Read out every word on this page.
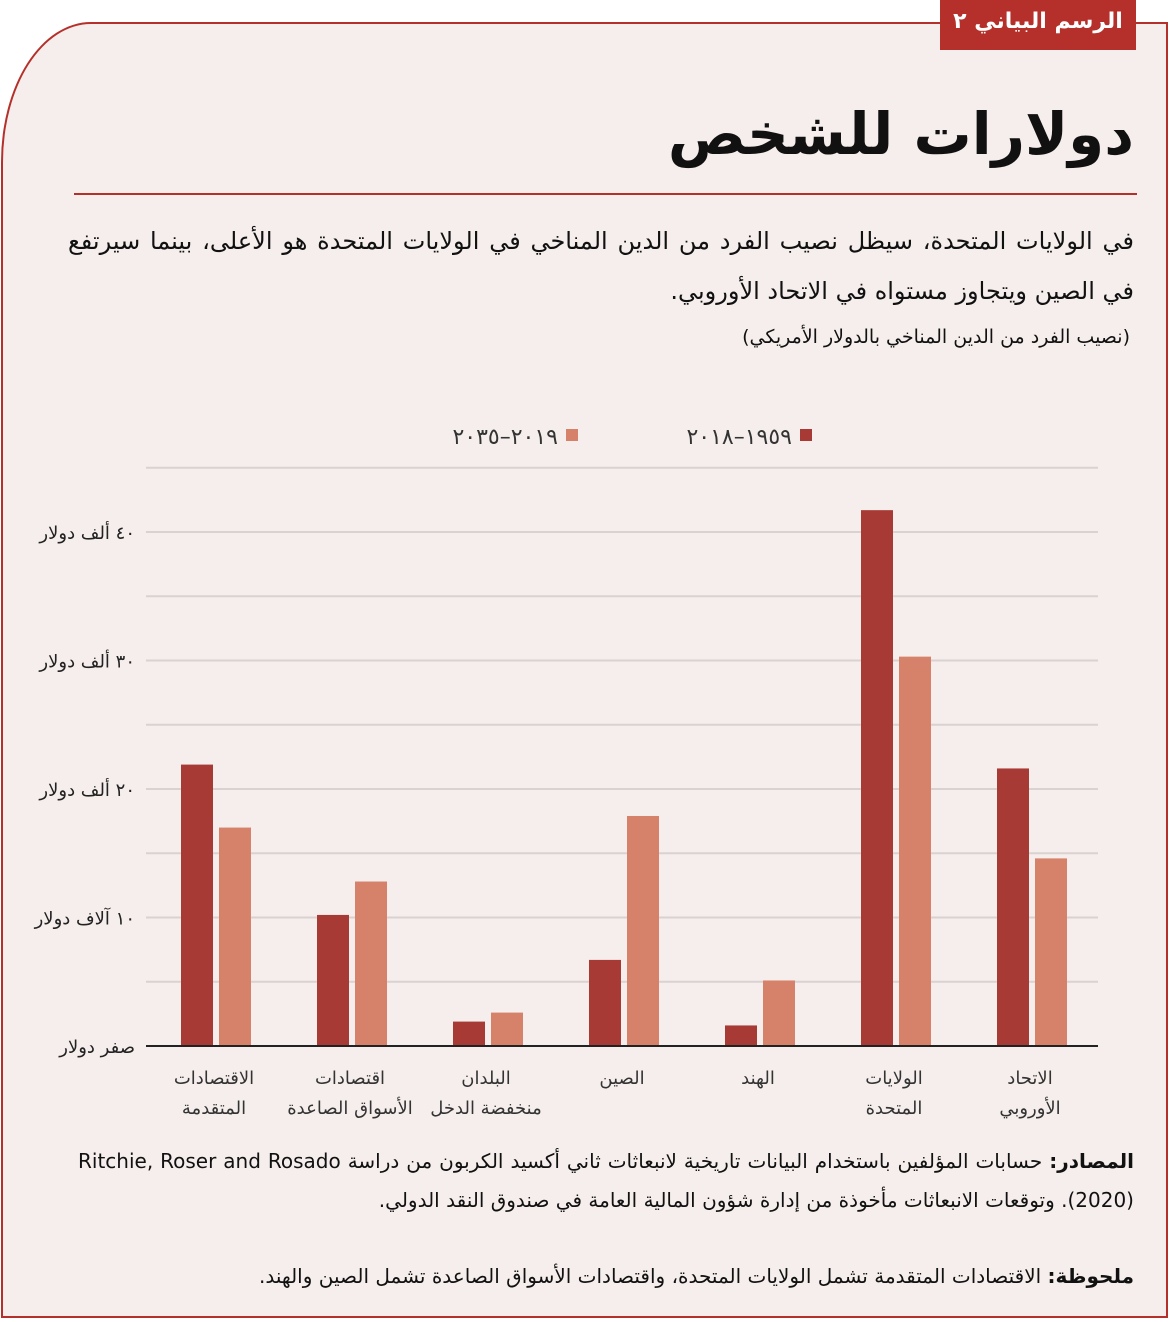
الرسم البياني ٢
دولارات للشخص
في الولايات المتحدة، سيظل نصيب الفرد من الدين المناخي في الولايات المتحدة هو الأعلى، بينما سيرتفع في الصين ويتجاوز مستواه في الاتحاد الأوروبي.
(نصيب الفرد من الدين المناخي بالدولار الأمريكي)
صفر دولار
١٠ آلاف دولار
٢٠ ألف دولار
٣٠ ألف دولار
٤٠ ألف دولار
الاقتصادات
المتقدمة
اقتصادات
الأسواق الصاعدة
البلدان
منخفضة الدخل
الصين	الهند	الولايات
المتحدة
الاتحاد
الأوروبي
١٩٥٩–٢٠١٨
٢٠١٩–٢٠٣٥
المصادر: حسابات المؤلفين باستخدام البيانات تاريخية لانبعاثات ثاني أكسيد الكربون من دراسة Ritchie, Roser and Rosado (2020). وتوقعات الانبعاثات مأخوذة من إدارة شؤون المالية العامة في صندوق النقد الدولي.
ملحوظة: الاقتصادات المتقدمة تشمل الولايات المتحدة، واقتصادات الأسواق الصاعدة تشمل الصين والهند.
